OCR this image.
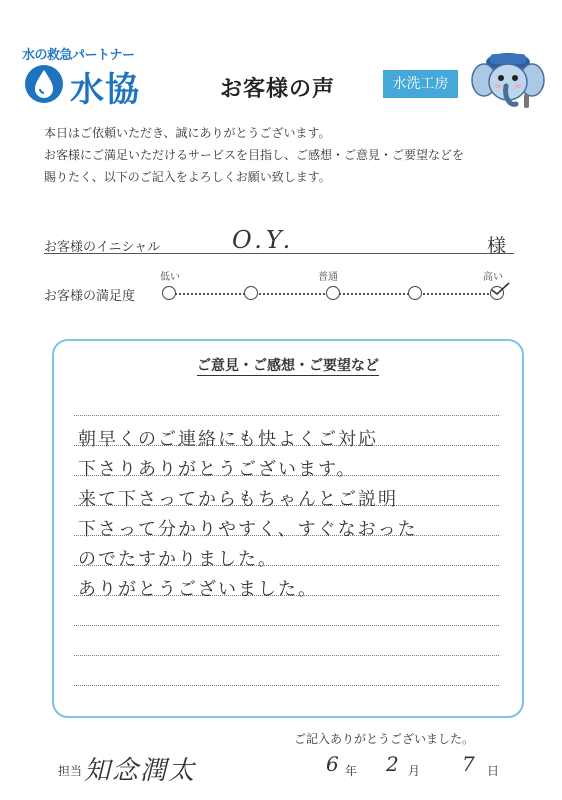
水の救急パートナー
水協	お客様の声	水洗工房
本日はご依頼いただき、誠にありがとうございます。
お客様にご満足いただけるサービスを目指し、ご感想・ご意見・ご要望などを
賜りたく、以下のご記入をよろしくお願い致します。
お客様のイニシャル	O.Y.	様
お客様の満足度
低い	普通	高い
ご意見・ご感想・ご要望など
朝早くのご連絡にも快よくご対応
下さりありがとうございます。
来て下さってからもちゃんとご説明
下さって分かりやすく、すぐなおった
のでたすかりました。
ありがとうございました。
ご記入ありがとうございました。
担当 知念潤太	6 年 2 月 7 日
